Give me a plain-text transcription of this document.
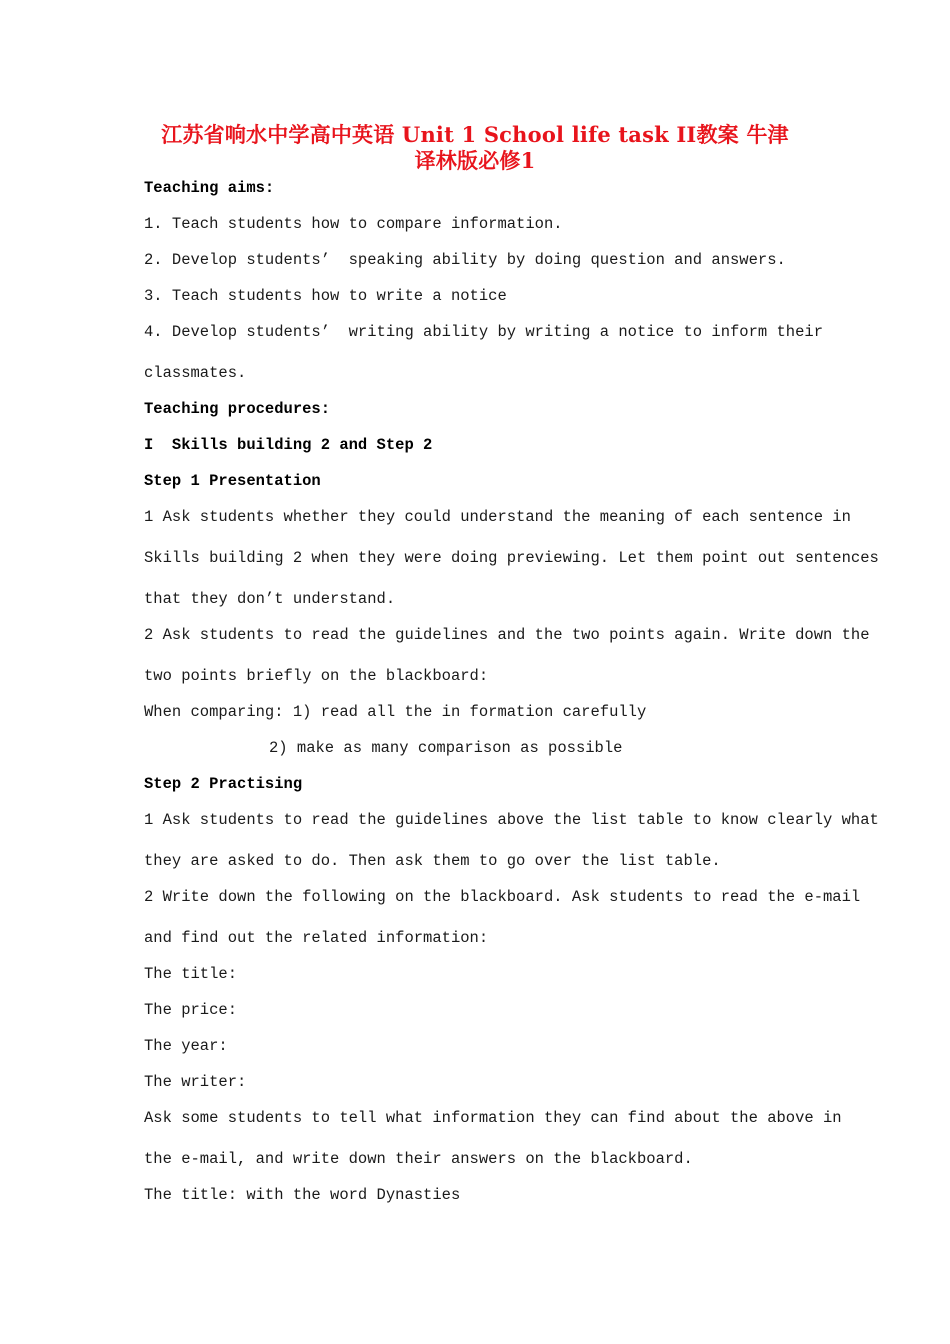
江苏省响水中学高中英语 Unit 1 School life task II教案 牛津
译林版必修1
Teaching aims:
1. Teach students how to compare information.
2. Develop students’  speaking ability by doing question and answers.
3. Teach students how to write a notice
4. Develop students’  writing ability by writing a notice to inform their
classmates.
Teaching procedures:
I  Skills building 2 and Step 2
Step 1 Presentation
1 Ask students whether they could understand the meaning of each sentence in
Skills building 2 when they were doing previewing. Let them point out sentences
that they don’t understand.
2 Ask students to read the guidelines and the two points again. Write down the
two points briefly on the blackboard:
When comparing: 1) read all the in formation carefully
2) make as many comparison as possible
Step 2 Practising
1 Ask students to read the guidelines above the list table to know clearly what
they are asked to do. Then ask them to go over the list table.
2 Write down the following on the blackboard. Ask students to read the e-mail
and find out the related information:
The title:
The price:
The year:
The writer:
Ask some students to tell what information they can find about the above in
the e-mail, and write down their answers on the blackboard.
The title: with the word Dynasties
